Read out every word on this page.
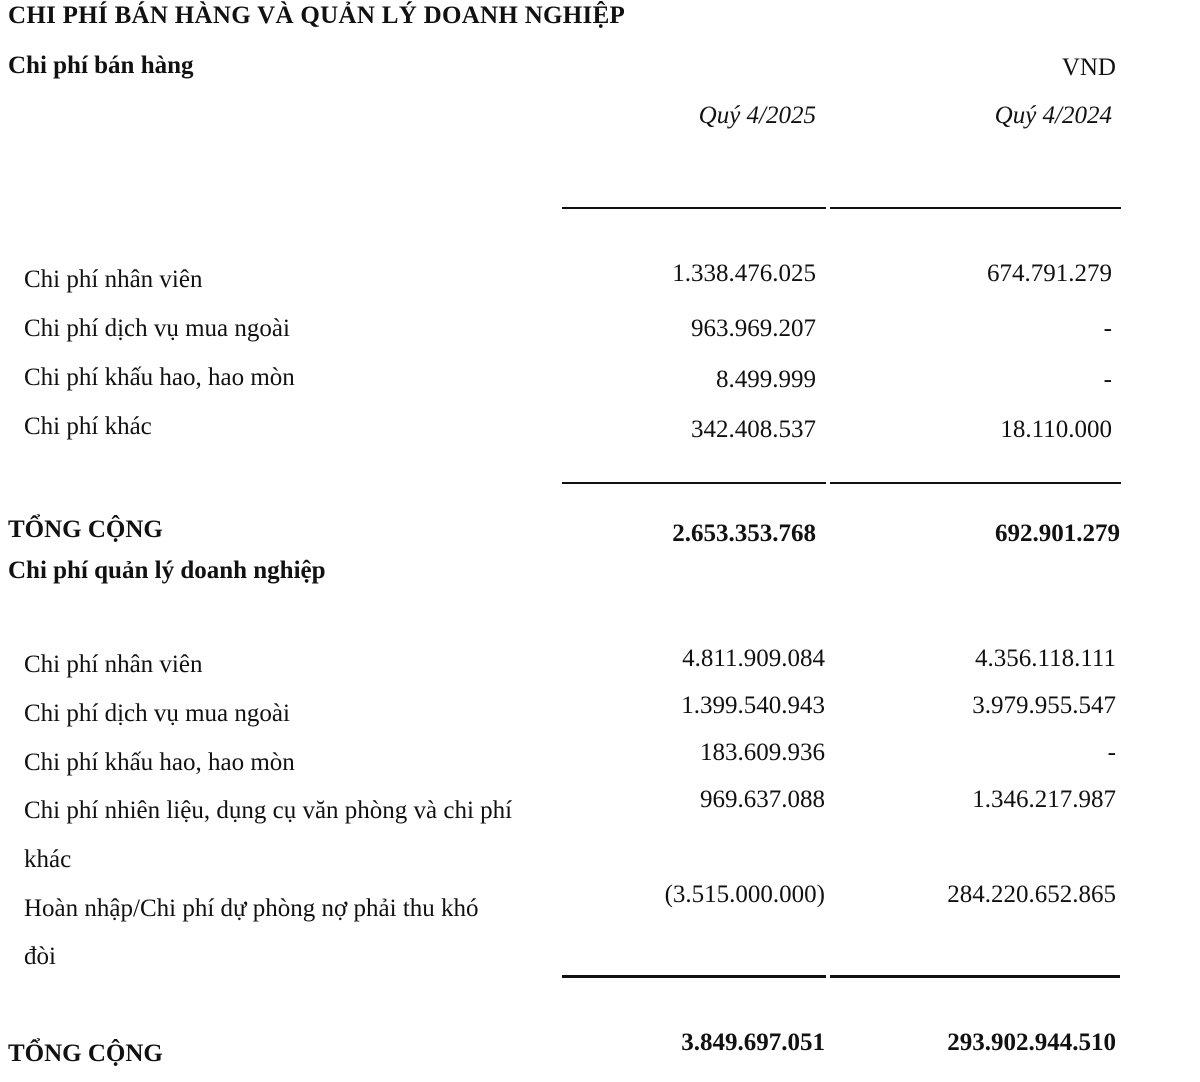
CHI PHÍ BÁN HÀNG VÀ QUẢN LÝ DOANH NGHIỆP
Chi phí bán hàng	VND
Quý 4/2025	Quý 4/2024
Chi phí nhân viên	1.338.476.025	674.791.279
Chi phí dịch vụ mua ngoài	963.969.207	-
Chi phí khấu hao, hao mòn	8.499.999	-
Chi phí khác	342.408.537	18.110.000
TỔNG CỘNG	2.653.353.768	692.901.279
Chi phí quản lý doanh nghiệp
Chi phí nhân viên	4.811.909.084	4.356.118.111
Chi phí dịch vụ mua ngoài	1.399.540.943	3.979.955.547
Chi phí khấu hao, hao mòn	183.609.936	-
Chi phí nhiên liệu, dụng cụ văn phòng và chi phí
khác
969.637.088	1.346.217.987
Hoàn nhập/Chi phí dự phòng nợ phải thu khó
đòi
(3.515.000.000)	284.220.652.865
TỔNG CỘNG	3.849.697.051	293.902.944.510
